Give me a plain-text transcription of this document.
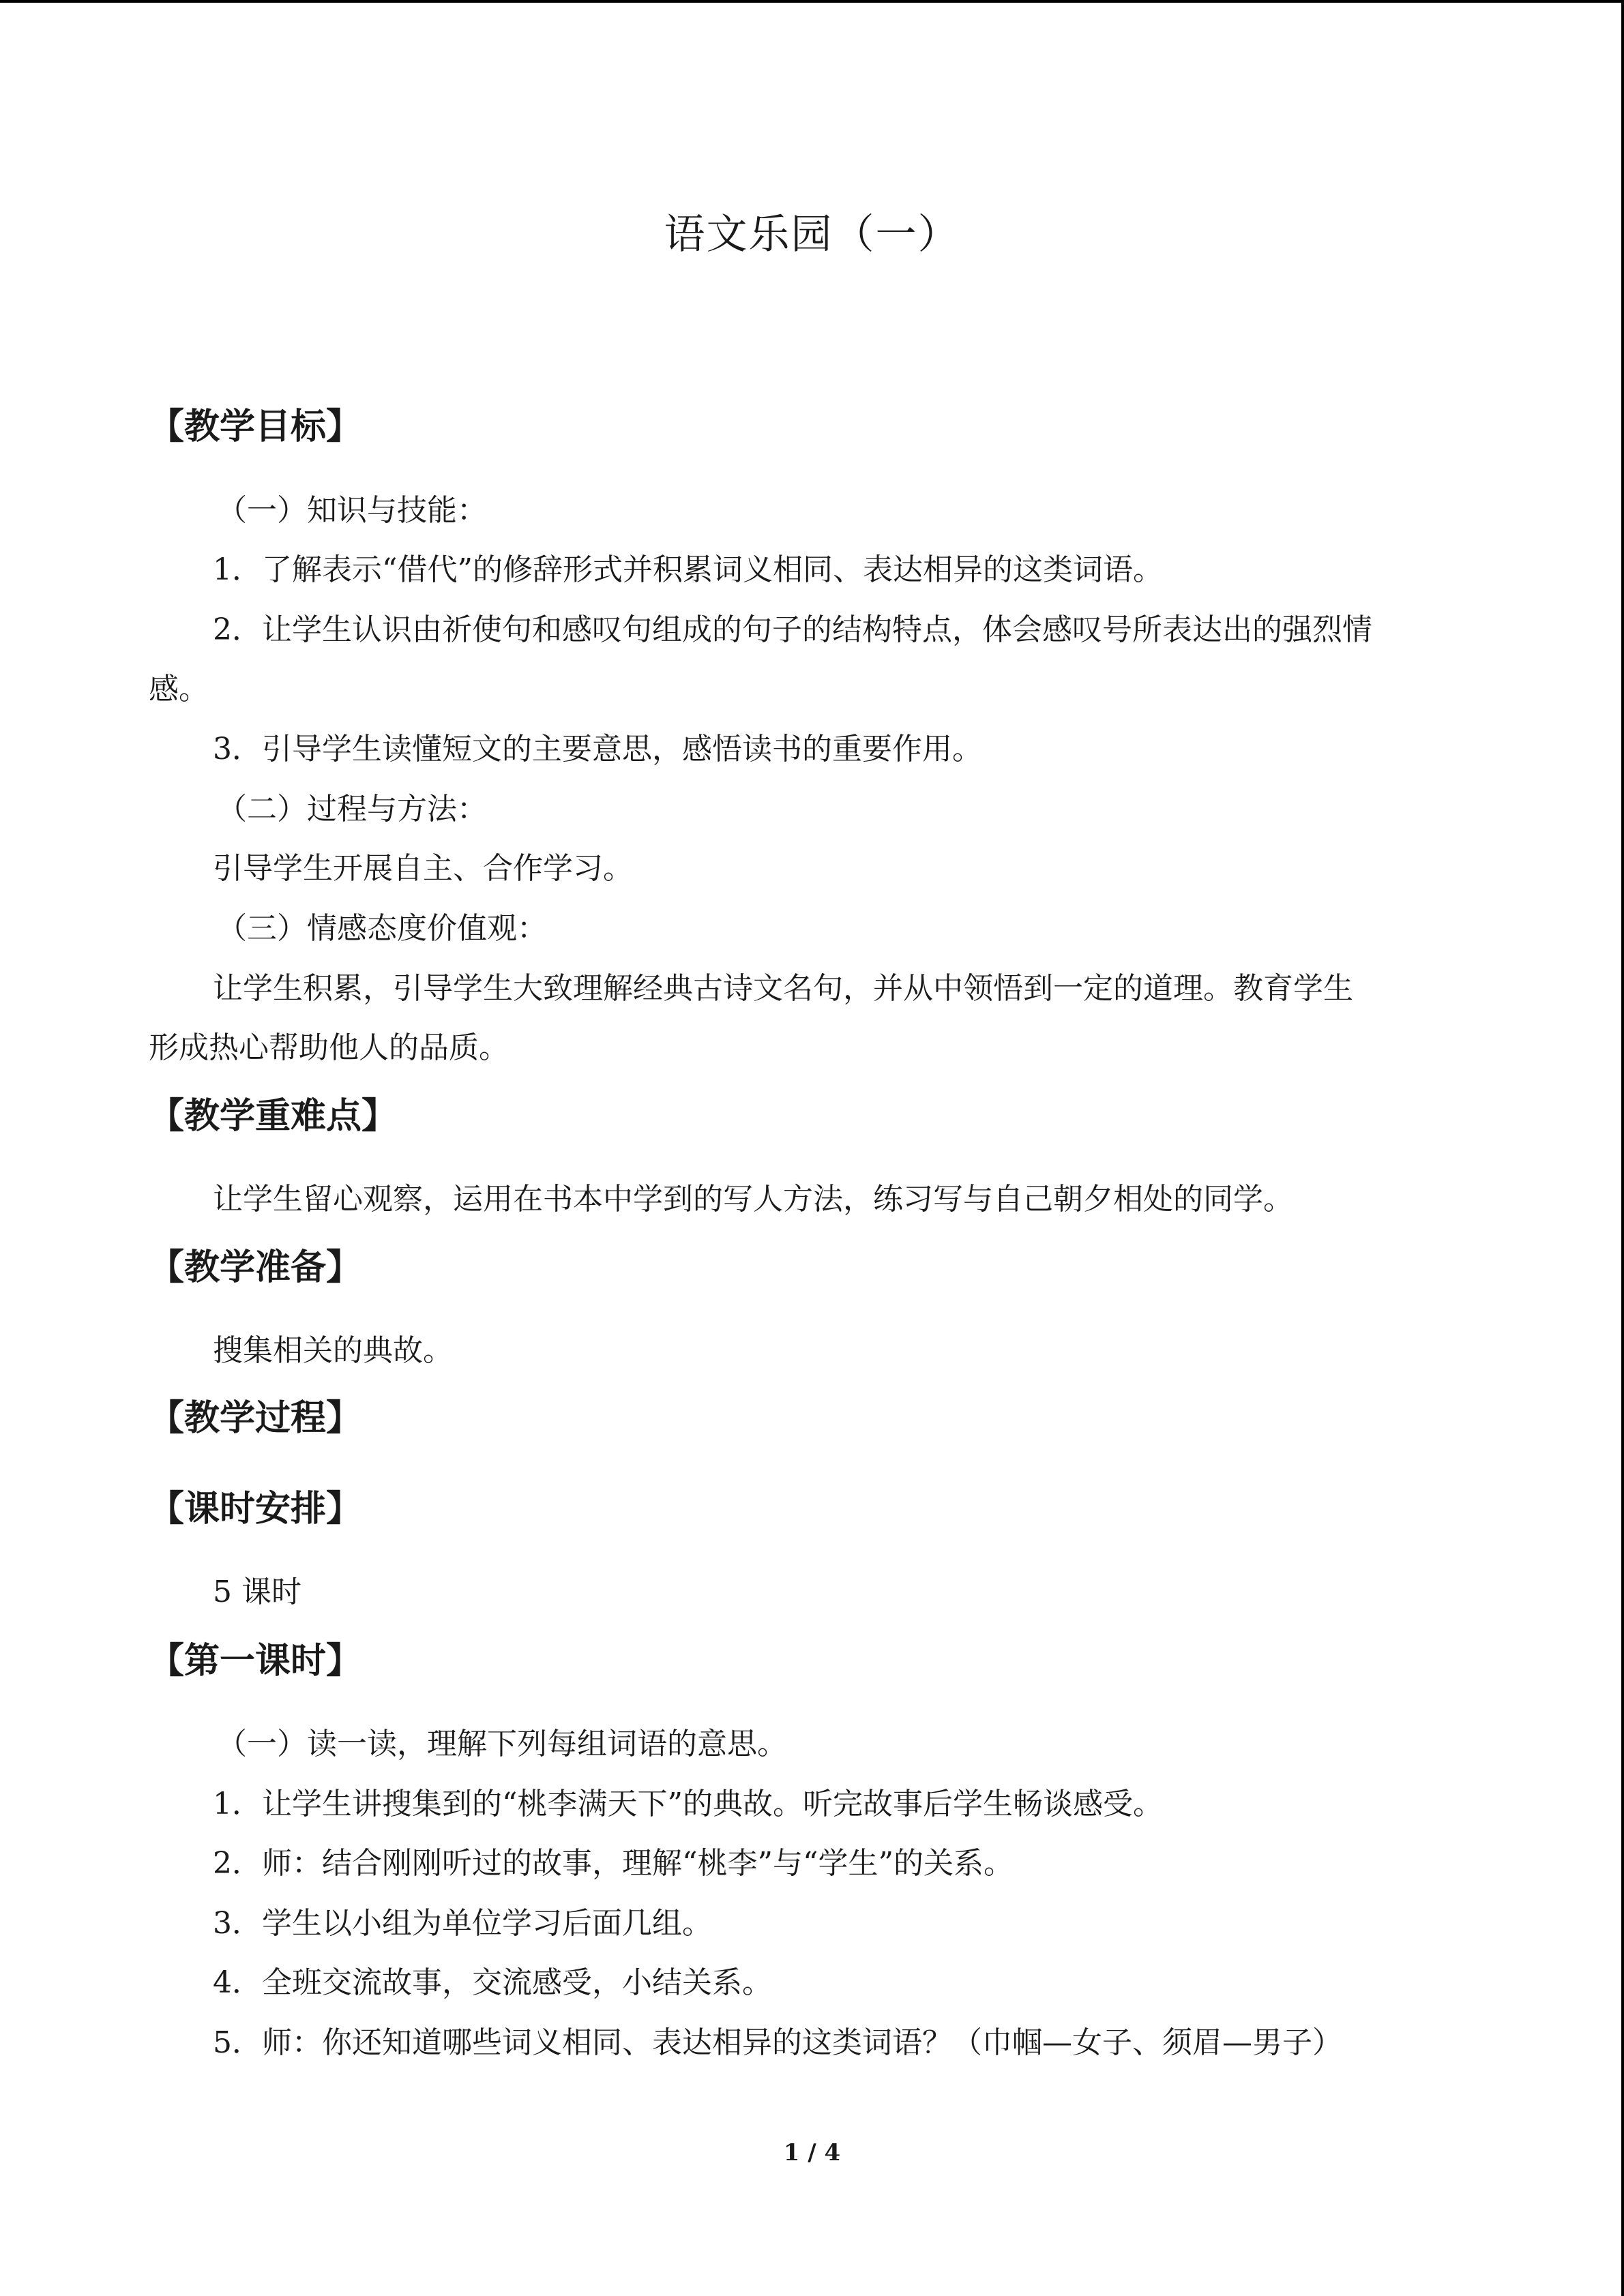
语文乐园（一）
【教学目标】
（一）知识与技能：
1．了解表示“借代”的修辞形式并积累词义相同、表达相异的这类词语。
2．让学生认识由祈使句和感叹句组成的句子的结构特点，体会感叹号所表达出的强烈情
感。
3．引导学生读懂短文的主要意思，感悟读书的重要作用。
（二）过程与方法：
引导学生开展自主、合作学习。
（三）情感态度价值观：
让学生积累，引导学生大致理解经典古诗文名句，并从中领悟到一定的道理。教育学生
形成热心帮助他人的品质。
【教学重难点】
让学生留心观察，运用在书本中学到的写人方法，练习写与自己朝夕相处的同学。
【教学准备】
搜集相关的典故。
【教学过程】
【课时安排】
5 课时
【第一课时】
（一）读一读，理解下列每组词语的意思。
1．让学生讲搜集到的“桃李满天下”的典故。听完故事后学生畅谈感受。
2．师：结合刚刚听过的故事，理解“桃李”与“学生”的关系。
3．学生以小组为单位学习后面几组。
4．全班交流故事，交流感受，小结关系。
5．师：你还知道哪些词义相同、表达相异的这类词语？（巾帼—女子、须眉—男子）
1 / 4
